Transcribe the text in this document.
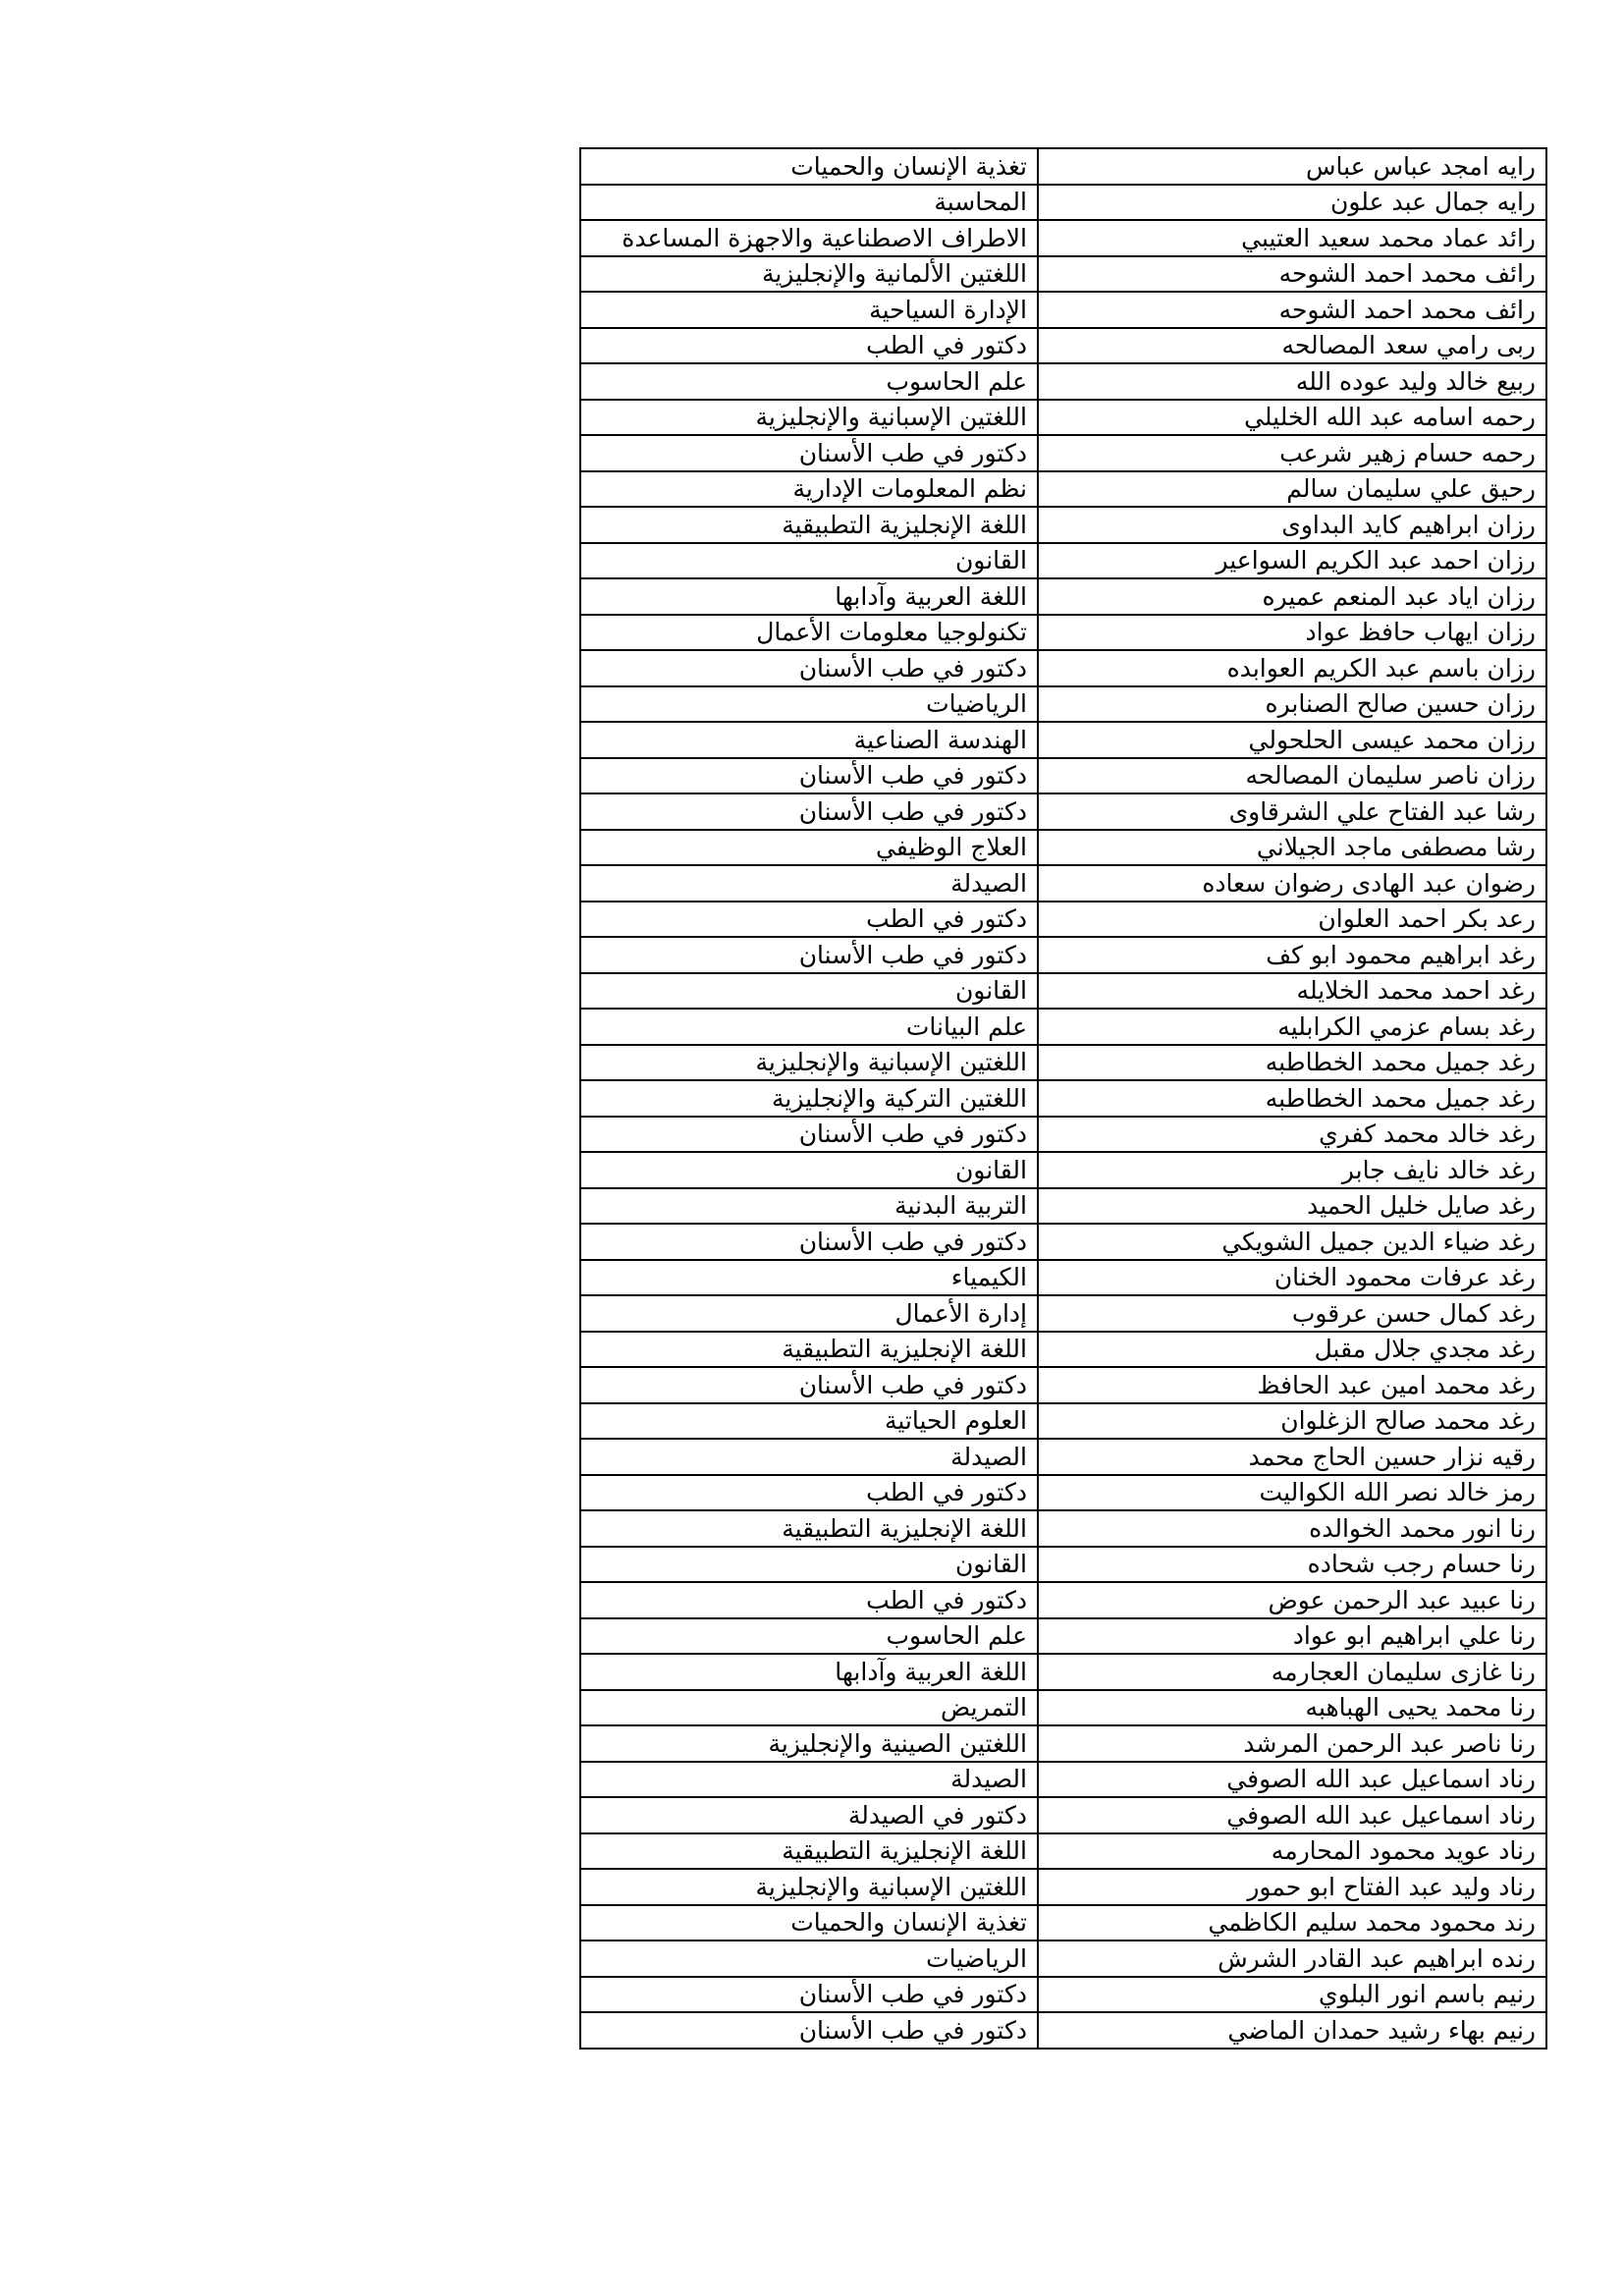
رايه امجد عباس عباس	تغذية الإنسان والحميات
رايه جمال عبد علون	المحاسبة
رائد عماد محمد سعيد العتيبي	الاطراف الاصطناعية والاجهزة المساعدة
رائف محمد احمد الشوحه	اللغتين الألمانية والإنجليزية
رائف محمد احمد الشوحه	الإدارة السياحية
ربى رامي سعد المصالحه	دكتور في الطب
ربيع خالد وليد عوده الله	علم الحاسوب
رحمه اسامه عبد الله الخليلي	اللغتين الإسبانية والإنجليزية
رحمه حسام زهير شرعب	دكتور في طب الأسنان
رحيق علي سليمان سالم	نظم المعلومات الإدارية
رزان ابراهيم كايد البداوى	اللغة الإنجليزية التطبيقية
رزان احمد عبد الكريم السواعير	القانون
رزان اياد عبد المنعم عميره	اللغة العربية وآدابها
رزان ايهاب حافظ عواد	تكنولوجيا معلومات الأعمال
رزان باسم عبد الكريم العوابده	دكتور في طب الأسنان
رزان حسين صالح الصنابره	الرياضيات
رزان محمد عيسى الحلحولي	الهندسة الصناعية
رزان ناصر سليمان المصالحه	دكتور في طب الأسنان
رشا عبد الفتاح علي الشرقاوى	دكتور في طب الأسنان
رشا مصطفى ماجد الجيلاني	العلاج الوظيفي
رضوان عبد الهادى رضوان سعاده	الصيدلة
رعد بكر احمد العلوان	دكتور في الطب
رغد ابراهيم محمود ابو كف	دكتور في طب الأسنان
رغد احمد محمد الخلايله	القانون
رغد بسام عزمي الكرابليه	علم البيانات
رغد جميل محمد الخطاطبه	اللغتين الإسبانية والإنجليزية
رغد جميل محمد الخطاطبه	اللغتين التركية والإنجليزية
رغد خالد محمد كفري	دكتور في طب الأسنان
رغد خالد نايف جابر	القانون
رغد صايل خليل الحميد	التربية البدنية
رغد ضياء الدين جميل الشويكي	دكتور في طب الأسنان
رغد عرفات محمود الخنان	الكيمياء
رغد كمال حسن عرقوب	إدارة الأعمال
رغد مجدي جلال مقبل	اللغة الإنجليزية التطبيقية
رغد محمد امين عبد الحافظ	دكتور في طب الأسنان
رغد محمد صالح الزغلوان	العلوم الحياتية
رقيه نزار حسين الحاج محمد	الصيدلة
رمز خالد نصر الله الكواليت	دكتور في الطب
رنا انور محمد الخوالده	اللغة الإنجليزية التطبيقية
رنا حسام رجب شحاده	القانون
رنا عبيد عبد الرحمن عوض	دكتور في الطب
رنا علي ابراهيم ابو عواد	علم الحاسوب
رنا غازى سليمان العجارمه	اللغة العربية وآدابها
رنا محمد يحيى الهباهبه	التمريض
رنا ناصر عبد الرحمن المرشد	اللغتين الصينية والإنجليزية
رناد اسماعيل عبد الله الصوفي	الصيدلة
رناد اسماعيل عبد الله الصوفي	دكتور في الصيدلة
رناد عويد محمود المحارمه	اللغة الإنجليزية التطبيقية
رناد وليد عبد الفتاح ابو حمور	اللغتين الإسبانية والإنجليزية
رند محمود محمد سليم الكاظمي	تغذية الإنسان والحميات
رنده ابراهيم عبد القادر الشرش	الرياضيات
رنيم باسم انور البلوي	دكتور في طب الأسنان
رنيم بهاء رشيد حمدان الماضي	دكتور في طب الأسنان
